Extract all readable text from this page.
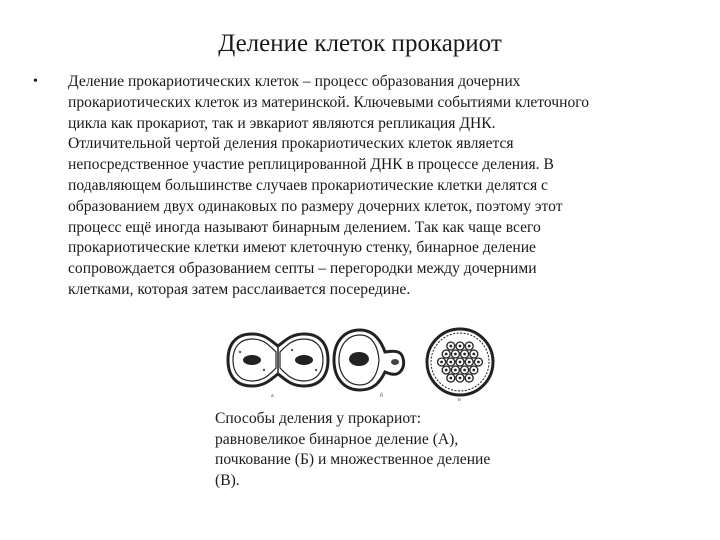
Деление клеток прокариот
• Деление прокариотических клеток – процесс образования дочерних
прокариотических клеток из материнской. Ключевыми событиями клеточного
цикла как прокариот, так и эвкариот являются репликация ДНК.
Отличительной чертой деления прокариотических клеток является
непосредственное участие реплицированной ДНК в процессе деления. В
подавляющем большинстве случаев прокариотические клетки делятся с
образованием двух одинаковых по размеру дочерних клеток, поэтому этот
процесс ещё иногда называют бинарным делением. Так как чаще всего
прокариотические клетки имеют клеточную стенку, бинарное деление
сопровождается образованием септы – перегородки между дочерними
клетками, которая затем расслаивается посередине.
а	б
в
Способы деления у прокариот:
равновеликое бинарное деление (А),
почкование (Б) и множественное деление
(В).
